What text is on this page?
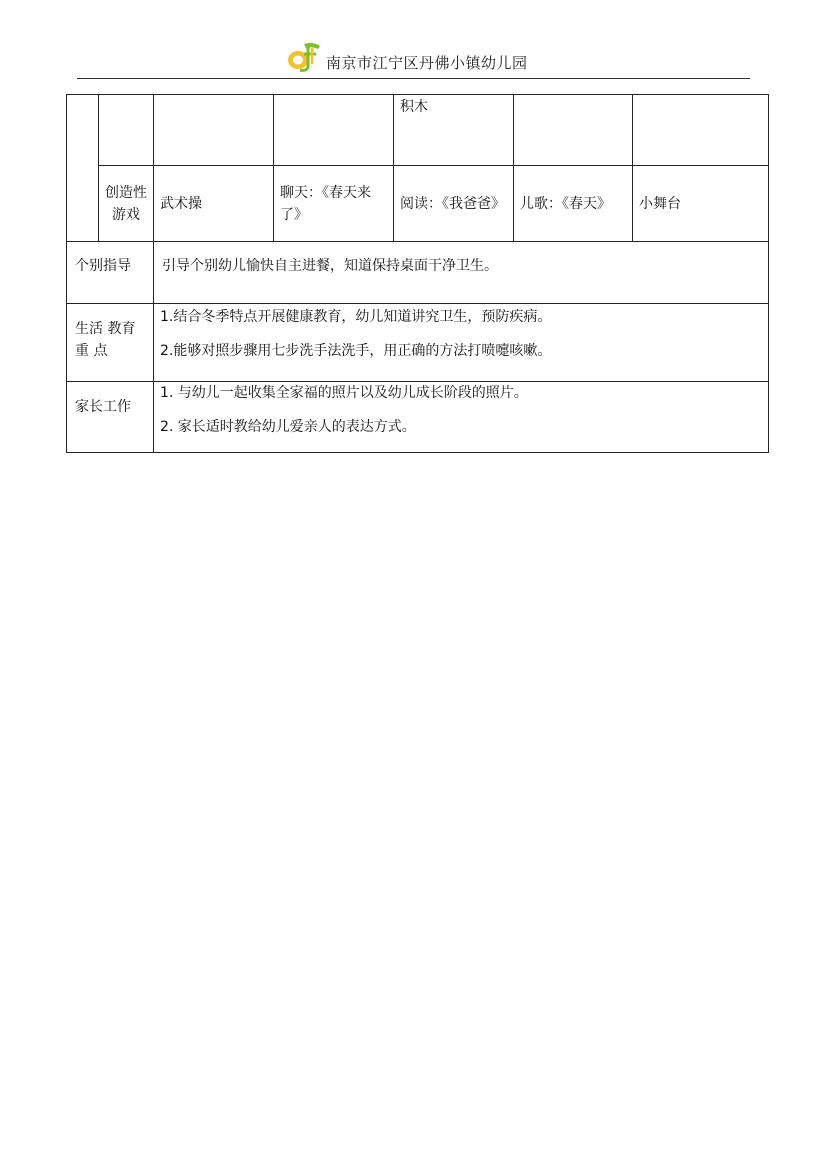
南京市江宁区丹佛小镇幼儿园
				积木		
	创造性游戏	武术操	聊天：《春天来了》	阅读：《我爸爸》	儿歌：《春天》	小舞台
个别指导		引导个别幼儿愉快自主进餐，知道保持桌面干净卫生。				
生活 教育 重 点		1.结合冬季特点开展健康教育，幼儿知道讲究卫生，预防疾病。

2.能够对照步骤用七步洗手法洗手，用正确的方法打喷嚏咳嗽。				

家长工作		1. 与幼儿一起收集全家福的照片以及幼儿成长阶段的照片。

2. 家长适时教给幼儿爱亲人的表达方式。				
